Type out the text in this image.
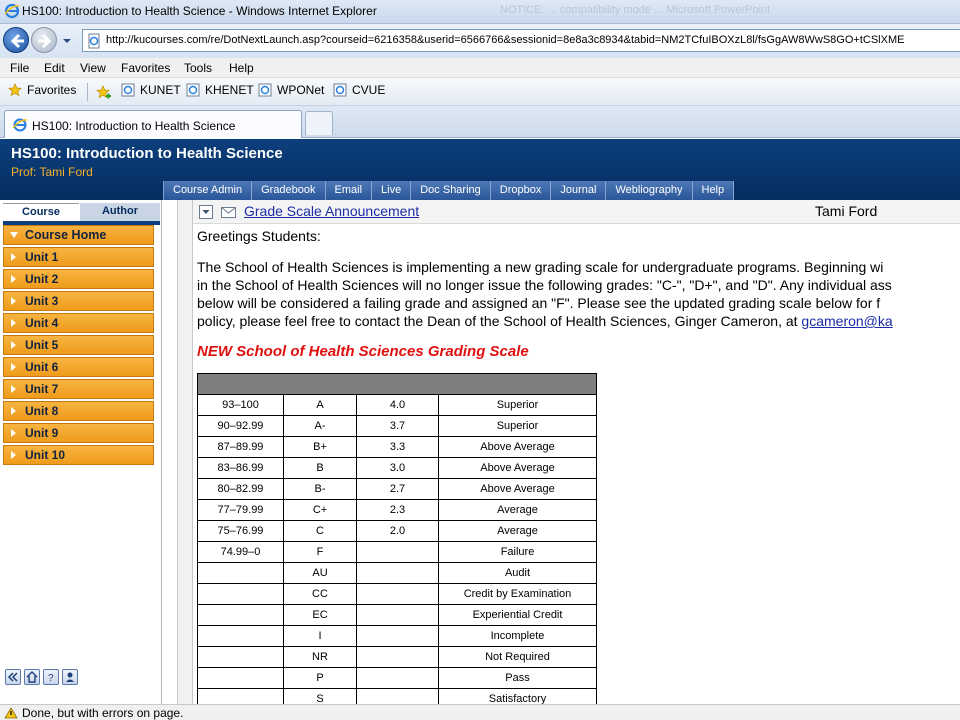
HS100: Introduction to Health Science - Windows Internet Explorer	NOTICE: ... compatibility mode ... Microsoft PowerPoint
http://kucourses.com/re/DotNextLaunch.asp?courseid=6216358&userid=6566766&sessionid=8e8a3c8934&tabid=NM2TCfuIBOXzL8l/fsGgAW8WwS8GO+tCSlXME
File Edit View Favorites Tools Help
Favorites	KUNET	KHENET	WPONet	CVUE
HS100: Introduction to Health Science
HS100: Introduction to Health Science
Prof: Tami Ford
Course Admin	Gradebook	Email	Live	Doc Sharing	Dropbox	Journal	Webliography	Help
Course	Author
Course Home
Unit 1
Unit 2
Unit 3
Unit 4
Unit 5
Unit 6
Unit 7
Unit 8
Unit 9
Unit 10
?
Grade Scale Announcement	Tami Ford
Greetings Students:
The School of Health Sciences is implementing a new grading scale for undergraduate programs. Beginning wi
in the School of Health Sciences will no longer issue the following grades: "C-", "D+", and "D". Any individual ass
below will be considered a failing grade and assigned an "F". Please see the updated grading scale below for f
policy, please feel free to contact the Dean of the School of Health Sciences, Ginger Cameron, at gcameron@ka
NEW School of Health Sciences Grading Scale

93–100	A	4.0	Superior
90–92.99	A-	3.7	Superior
87–89.99	B+	3.3	Above Average
83–86.99	B	3.0	Above Average
80–82.99	B-	2.7	Above Average
77–79.99	C+	2.3	Average
75–76.99	C	2.0	Average
74.99–0	F		Failure
	AU		Audit
	CC		Credit by Examination
	EC		Experiential Credit
	I		Incomplete
	NR		Not Required
	P		Pass
	S		Satisfactory
Done, but with errors on page.
